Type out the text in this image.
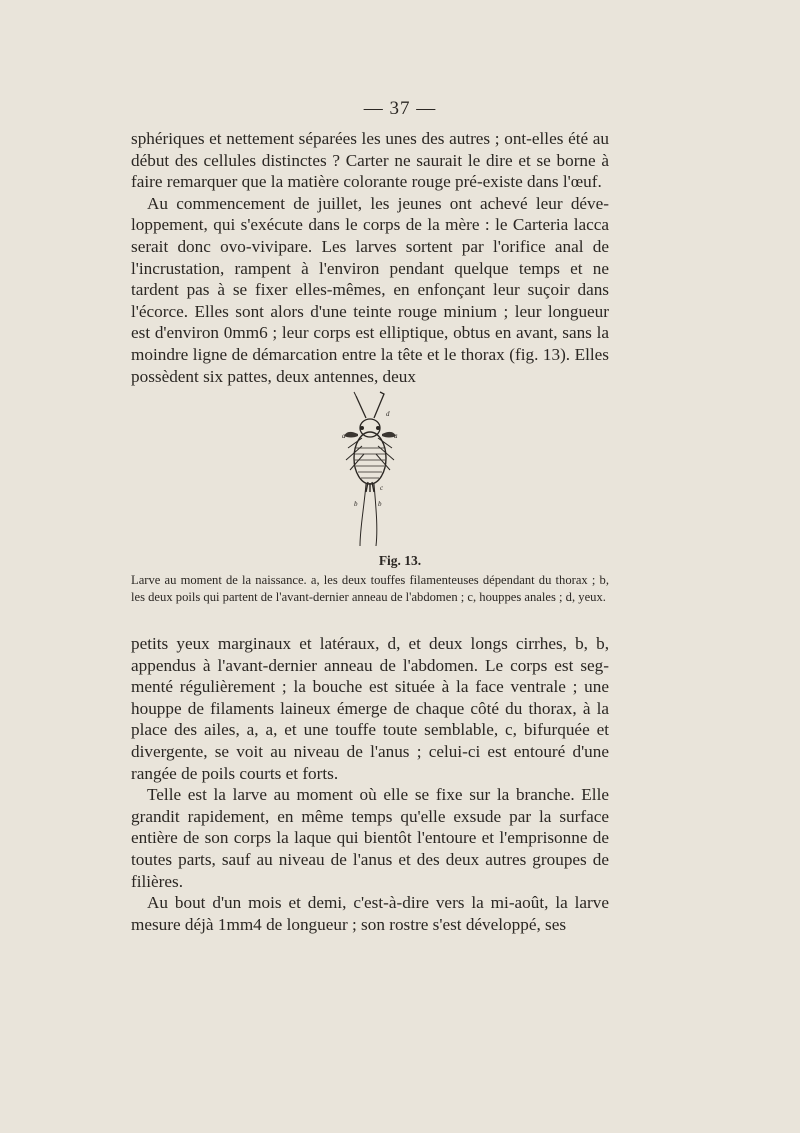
— 37 —

sphériques et nettement séparées les unes des autres ; ont-elles été au début des cellules distinctes ? Carter ne saurait le dire et se borne à faire remarquer que la matière colorante rouge pré-existe dans l'œuf.

Au commencement de juillet, les jeunes ont achevé leur déve-loppement, qui s'exécute dans le corps de la mère : le Carteria lacca serait donc ovo-vivipare. Les larves sortent par l'orifice anal de l'incrustation, rampent à l'environ pendant quelque temps et ne tardent pas à se fixer elles-mêmes, en enfonçant leur suçoir dans l'écorce. Elles sont alors d'une teinte rouge minium ; leur longueur est d'environ 0mm6 ; leur corps est elliptique, obtus en avant, sans la moindre ligne de démarcation entre la tête et le thorax (fig. 13). Elles possèdent six pattes, deux antennes, deux

a	a
b	b
c
d
Fig. 13.
Larve au moment de la naissance. a, les deux touffes filamenteuses dépendant du thorax ; b, les deux poils qui partent de l'avant-dernier anneau de l'abdomen ; c, houppes anales ; d, yeux.

petits yeux marginaux et latéraux, d, et deux longs cirrhes, b, b, appendus à l'avant-dernier anneau de l'abdomen. Le corps est seg-menté régulièrement ; la bouche est située à la face ventrale ; une houppe de filaments laineux émerge de chaque côté du thorax, à la place des ailes, a, a, et une touffe toute semblable, c, bifurquée et divergente, se voit au niveau de l'anus ; celui-ci est entouré d'une rangée de poils courts et forts.

Telle est la larve au moment où elle se fixe sur la branche. Elle grandit rapidement, en même temps qu'elle exsude par la surface entière de son corps la laque qui bientôt l'entoure et l'emprisonne de toutes parts, sauf au niveau de l'anus et des deux autres groupes de filières.

Au bout d'un mois et demi, c'est-à-dire vers la mi-août, la larve mesure déjà 1mm4 de longueur ; son rostre s'est développé, ses
